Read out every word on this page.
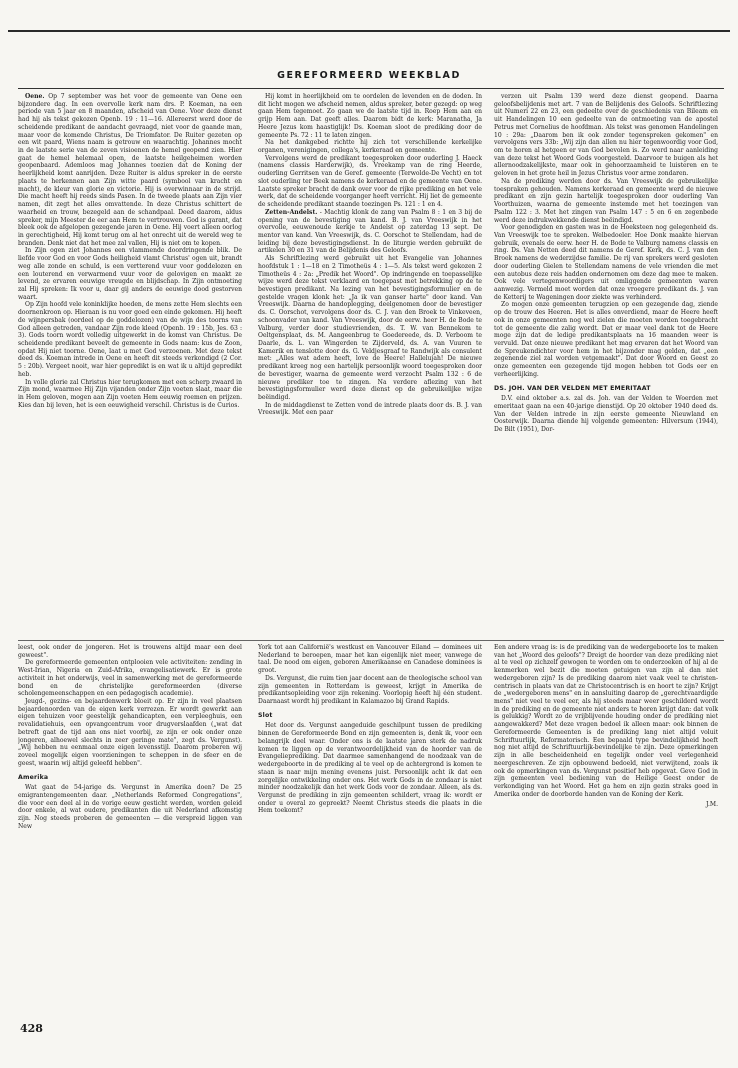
GEREFORMEERD WEEKBLAD

Oene. Op 7 september was het voor de gemeente van Oene een bijzondere dag. In een overvolle kerk nam drs. P. Koeman, na een periode van 5 jaar en 8 maanden, afscheid van Oene. Voor deze dienst had hij als tekst gekozen Openb. 19 : 11—16. Allereerst werd door de scheidende predikant de aandacht gevraagd, niet voor de gaande man, maar voor de komende Christus, De Triomfator. De Ruiter gezeten op een wit paard, Wiens naam is getrouw en waarachtig. Johannes mocht in de laatste serie van de zeven visioenen de hemel geopend zien. Hier gaat de hemel helemaal open, de laatste heilgeheimen worden geopenbaard. Ademloos mag Johannes toezien dat de Koning der heerlijkheid komt aanrijden. Deze Ruiter is aldus spreker in de eerste plaats te herkennen aan Zijn witte paard (symbool van kracht en macht), de kleur van glorie en victorie. Hij is overwinnaar in de strijd. Die macht heeft hij reeds sinds Pasen. In de tweede plaats aan Zijn vier namen, dit zegt het alles omvattende. In deze Christus schittert de waarheid en trouw, bezegeld aan de schandpaal. Deed daarom, aldus spreker, mijn Meester de eer aan Hem te vertrouwen. God is garant, dat bleek ook de afgelopen gezegende jaren in Oene. Hij voert alleen oorlog in gerechtigheid, Hij komt terug om al het onrecht uit de wereld weg te branden. Denk niet dat het mee zal vallen, Hij is niet om te kopen.

In Zijn ogen ziet Johannes een vlammende doordringende blik. De liefde voor God en voor Gods heiligheid vlamt Christus' ogen uit, brandt weg alle zonde en schuld, is een vertterend vuur voor goddelozen en een louterend en verwarmend vuur voor de gelovigen en maakt ze levend, ze ervaren eeuwige vreugde en blijdschap. In Zijn ontmoeting zal Hij spreken: Ik voor u, daar gij anders de eeuwige dood gestorven waart.

Op Zijn hoofd vele koninklijke hoeden, de mens zette Hem slechts een doornenkroon op. Hieraan is nu voor goed een einde gekomen. Hij heeft de wijnpersbak (oordeel op de goddelozen) van de wijn des toorns van God alleen getreden, vandaar Zijn rode kleed (Openb. 19 : 15b, Jes. 63 : 3). Gods toorn wordt volledig uitgewerkt in de komst van Christus. De scheidende predikant beveelt de gemeente in Gods naam: kus de Zoon, opdat Hij niet toorne. Oene, laat u met God verzoenen. Met deze tekst deed ds. Koeman intrede in Oene en heeft dit steeds verkondigd (2 Cor. 5 : 20b). Vergeet nooit, war hier gepredikt is en wat ik u altijd gepredikt heb.

In volle glorie zal Christus hier terugkomen met een scherp zwaard in Zijn mond, waarmee Hij Zijn vijanden onder Zijn voeten slaat, maar die in Hem geloven, mogen aan Zijn voeten Hem eeuwig roemen en prijzen. Kies dan bij leven, het is een eeuwigheid verschil. Christus is de Curios.

Hij komt in heerlijkheid om te oordelen de levenden en de doden. In dit licht mogen we afscheid nemen, aldus spreker, beter gezegd: op weg gaan Hem tegemoet. Zo gaan we de laatste tijd in. Roep Hem aan en grijp Hem aan. Dat geeft alles. Daarom bidt de kerk: Maranatha, Ja Heere Jezus kom haastiglijk! Ds. Koeman sloot de prediking door de gemeente Ps. 72 : 11 te laten zingen.

Na het dankgebed richtte hij zich tot verschillende kerkelijke organen, verenigingen, collega's, kerkeraad en gemeente.

Vervolgens werd de predikant toegesproken door ouderling J. Haeck (namens classis Harderwijk), ds. Vreekamp van de ring Heerde, ouderling Gerritsen van de Geref. gemeente (Terwolde-De Vecht) en tot slot ouderling ter Beek namens de kerkeraad en de gemeente van Oene. Laatste spreker bracht de dank over voor de rijke prediking en het vele werk, dat de scheidende voorganger heeft verricht. Hij liet de gemeente de scheidende predikant staande toezingen Ps. 121 : 1 en 4.

Zetten-Andelst. - Machtig klonk de zang van Psalm 8 : 1 en 3 bij de opening van de bevestiging van kand. B. J. van Vreeswijk in het overvolle, eeuwenoude kerkje te Andelst op zaterdag 13 sept. De mentor van kand. Van Vreeswijk, ds. C. Oorschot te Stellendam, had de leiding bij deze bevestigingsdienst. In de liturgie werden gebruikt de artikelen 30 en 31 van de Belijdenis des Geloofs.

Als Schriftlezing werd gebruikt uit het Evangelie van Johannes hoofdstuk 1 : 1—18 en 2 Timotheüs 4 : 1—5. Als tekst werd gekozen 2 Timotheüs 4 : 2a: „Predik het Woord". Op indringende en toepasselijke wijze werd deze tekst verklaard en toegepast met betrekking op de te bevestigen predikant. Na lezing van het bevestigingsformulier en de gestelde vragen klonk het: „Ja ik van ganser harte" door kand. Van Vreeswijk. Daarna de handoplegging, deelgenomen door de bevestiger ds. C. Oorschot, vervolgens door ds. C. J. van den Broek te Vinkeveen, schoonvader van kand. Van Vreeswijk, door de eerw. heer H. de Bode te Valburg, verder door studievrienden, ds. T. W. van Bennekom te Oeltgensplaat, ds. M. Aangeenbrug te Goedereede, ds. D. Verboom te Daarle, ds. L. van Wingerden te Zijderveld, ds. A. van Vuuren te Kamerik en tenslotte door ds. G. Veldjesgraaf te Randwijk als consulent met: „Alles wat adem heeft, love de Heere! Hallelujah! De nieuwe predikant kreeg nog een hartelijk persoonlijk woord toegesproken door de bevestiger, waarna de gemeente werd verzocht Psalm 132 : 6 de nieuwe prediker toe te zingen. Na verdere aflezing van het bevestigingsformulier werd deze dienst op de gebruikelijke wijze beëindigd.

In de middagdienst te Zetten vond de intrede plaats door ds. B. J. van Vreeswijk. Met een paar

verzen uit Psalm 139 werd deze dienst geopend. Daarna geloofsbelijdenis met art. 7 van de Belijdenis des Geloofs. Schriftlezing uit Numeri 22 en 23, een gedeelte over de geschiedenis van Bileam en uit Handelingen 10 een gedeelte van de ontmoeting van de apostel Petrus met Cornelius de hoofdman. Als tekst was genomen Handelingen 10 : 29a: „Daarom ben ik ook zonder tegenspreken gekomen" en vervolgens vers 33b: „Wij zijn dan allen nu hier tegenwoordig voor God, om te horen al hetgeen er van God bevolen is. Zo werd naar aanleiding van deze tekst het Woord Gods voorgesteld. Daarvoor te buigen als het allernoodzakelijkste, maar ook in gehoorzaamheid te luisteren en te geloven in het grote heil in Jezus Christus voor arme zondaren.

Na de prediking werden door ds. Van Vreeswijk de gebruikelijke toespraken gehouden. Namens kerkeraad en gemeente werd de nieuwe predikant en zijn gezin hartelijk toegesproken door ouderling Van Voorthuizen, waarna de gemeente instemde met het toezingen van Psalm 122 : 3. Met het zingen van Psalm 147 : 5 en 6 en zegenbede werd deze indrukwekkende dienst beëindigd.

Voor genodigden en gasten was in de Hoeksteen nog gelegenheid ds. Van Vreeswijk toe te spreken. Welbedoeler. Hoe Donk maakte hiervan gebruik, evenals de eerw. heer H. de Bode te Valburg namens classis en ring. Ds. Van Netten deed dit namens de Geref. Kerk, ds. C. J. van den Broek namens de wederzijdse familie. De rij van sprekers werd gesloten door ouderling Gielen te Stellendam namens de vele vrienden die met een autobus deze reis hadden ondernomen om deze dag mee te maken. Ook vele vertegenwoordigers uit omliggende gemeenten waren aanwezig. Vermeld moet worden dat onze vroegere predikant ds. J. van de Ketterij te Wageningen door ziekte was verhinderd.

Zo mogen onze gemeenten terugzien op een gezegende dag, ziende op de trouw des Heeren. Het is alles onverdiend, maar de Heere heeft ook in onze gemeenten nog wel zielen die moeten worden toegebracht tot de gemeente die zalig wordt. Dat er maar veel dank tot de Heere moge zijn dat de ledige predikantsplaats na 16 maanden weer is vervuld. Dat onze nieuwe predikant het mag ervaren dat het Woord van de Spreukendichter voor hem in het bijzonder mag gelden, dat „een zegenende ziel zal worden vetgemaakt". Dat door Woord en Geest zo onze gemeenten een gezegende tijd mogen hebben tot Gods eer en verheerlijking.

DS. JOH. VAN DER VELDEN MET EMERITAAT

D.V. eind oktober a.s. zal ds. Joh. van der Velden te Woerden met emeritaat gaan na een 40-jarige dienstijd. Op 20 oktober 1940 deed ds. Van der Velden intrede in zijn eerste gemeente Nieuwland en Oosterwijk. Daarna diende hij volgende gemeenten: Hilversum (1944), De Bilt (1951), Dor-

leest, ook onder de jongeren. Het is trouwens altijd maar een deel geweest".

De gereformeerde gemeenten ontplooien vele activiteiten: zending in West-Irian, Nigeria en Zuid-Afrika, evangelisatiewerk. Er is grote activiteit in het onderwijs, veel in samenwerking met de gereformeerde bond en de christelijke gereformeerden (diverse scholengemeenschappen en een pedagogisch academie).

Jeugd-, gezins- en bejaardenwerk bloeit op. Er zijn in veel plaatsen bejaardenoorden van de eigen kerk verrezen. Er wordt gewerkt aan eigen tehuizen voor geestelijk gehandicapten, een verpleeghuis, een revalidatiehuis, een opvangcentrum voor drugverslaafden („wat dat betreft gaat de tijd aan ons niet voorbij, ze zijn er ook onder onze jongeren, alhoewel slechts in zeer geringe mate", zegt ds. Vergunst). „Wij hebben nu eenmaal onze eigen levensstijl. Daarom proberen wij zoveel mogelijk eigen voorzieningen te scheppen in de sfeer en de geest, waarin wij altijd geleefd hebben".

Amerika

Wat gaat de 54-jarige ds. Vergunst in Amerika doen? De 25 emigrantengemeenten daar. „Netherlands Reformed Congregations", die voor een deel al in de vorige eeuw gesticht werden, worden geleid door enkele, al wat oudere, predikanten die uit Nederland afkomstig zijn. Nog steeds proberen de gemeenten — die verspreid liggen van New

York tot aan Californië's westkust en Vancouver Eiland — dominees uit Nederland te beroepen, maar het kan eigenlijk niet meer, vanwege de taal. De nood om eigen, geboren Amerikaanse en Canadese dominees is groot.

Ds. Vergunst, die ruim tien jaar docent aan de theologische school van zijn gemeenten in Rotterdam is geweest, krijgt in Amerika de predikantsopleiding voor zijn rekening. Voorlopig heeft hij één student. Daarnaast wordt hij predikant in Kalamazoo bij Grand Rapids.

Slot

Het door ds. Vergunst aangeduide geschilpunt tussen de prediking binnen de Gereformeerde Bond en zijn gemeenten is, denk ik, voor een belangrijk deel waar. Onder ons is de laatste jaren sterk de nadruk komen te liggen op de verantwoordelijkheid van de hoorder van de Evangelieprediking. Dat daarmee samenhangend de noodzaak van de wedergeboorte in de prediking al te veel op de achtergrond is komen te staan is naar mijn mening evenens juist. Persoonlijk acht ik dat een zorgelijke ontwikkeling onder ons. Het werk Gods in de zondaar is niet minder noodzakelijk dan het werk Gods voor de zondaar. Alleen, als ds. Vergunst de prediking in zijn gemeenten schildert, vraag ik: wordt er onder u overal zo gepreekt? Neemt Christus steeds die plaats in die Hem toekomt?

Een andere vraag is: is de prediking van de wedergeboorte los te maken van het „Woord des geloofs"? Dreigt de hoorder van deze prediking niet al te veel op zichzelf gewogen te worden om te onderzoeken of hij al de kenmerken wel bezit die moeten getuigen van zijn al dan niet wedergeboren zijn? Is de prediking daarom niet vaak veel te christen-centrisch in plaats van dat ze Christocentrisch is en hoort te zijn? Krijgt de „wedergeboren mens" en in aansluiting daarop de „gerechtvaardigde mens" niet veel te veel eer, als hij steeds maar weer geschilderd wordt in de prediking en de gemeente niet anders te horen krijgt dan: dat volk is gelukkig? Wordt zo de vrijblijvende houding onder de prediking niet aangewakkerd? Met deze vragen bedoel ik alleen maar: ook binnen de Gereformeerde Gemeenten is de prediking lang niet altijd voluit Schriftuurlijk, Reformatorisch. Een bepaald type bevindelijkheid hoeft nog niet altijd de Schriftuurlijk-bevindelijke te zijn. Deze opmerkingen zijn in alle bescheidenheid en tegelijk onder veel verlegenheid neergeschreven. Ze zijn opbouwend bedoeld, niet verwijtend, zoals ik ook de opmerkingen van ds. Vergunst positief heb opgevat. Geve God in zijn gemeenten veel bediening van de Heilige Geest onder de verkondiging van het Woord. Het ga hem en zijn gezin straks goed in Amerika onder de doorborde handen van de Koning der Kerk.

J.M.
428
